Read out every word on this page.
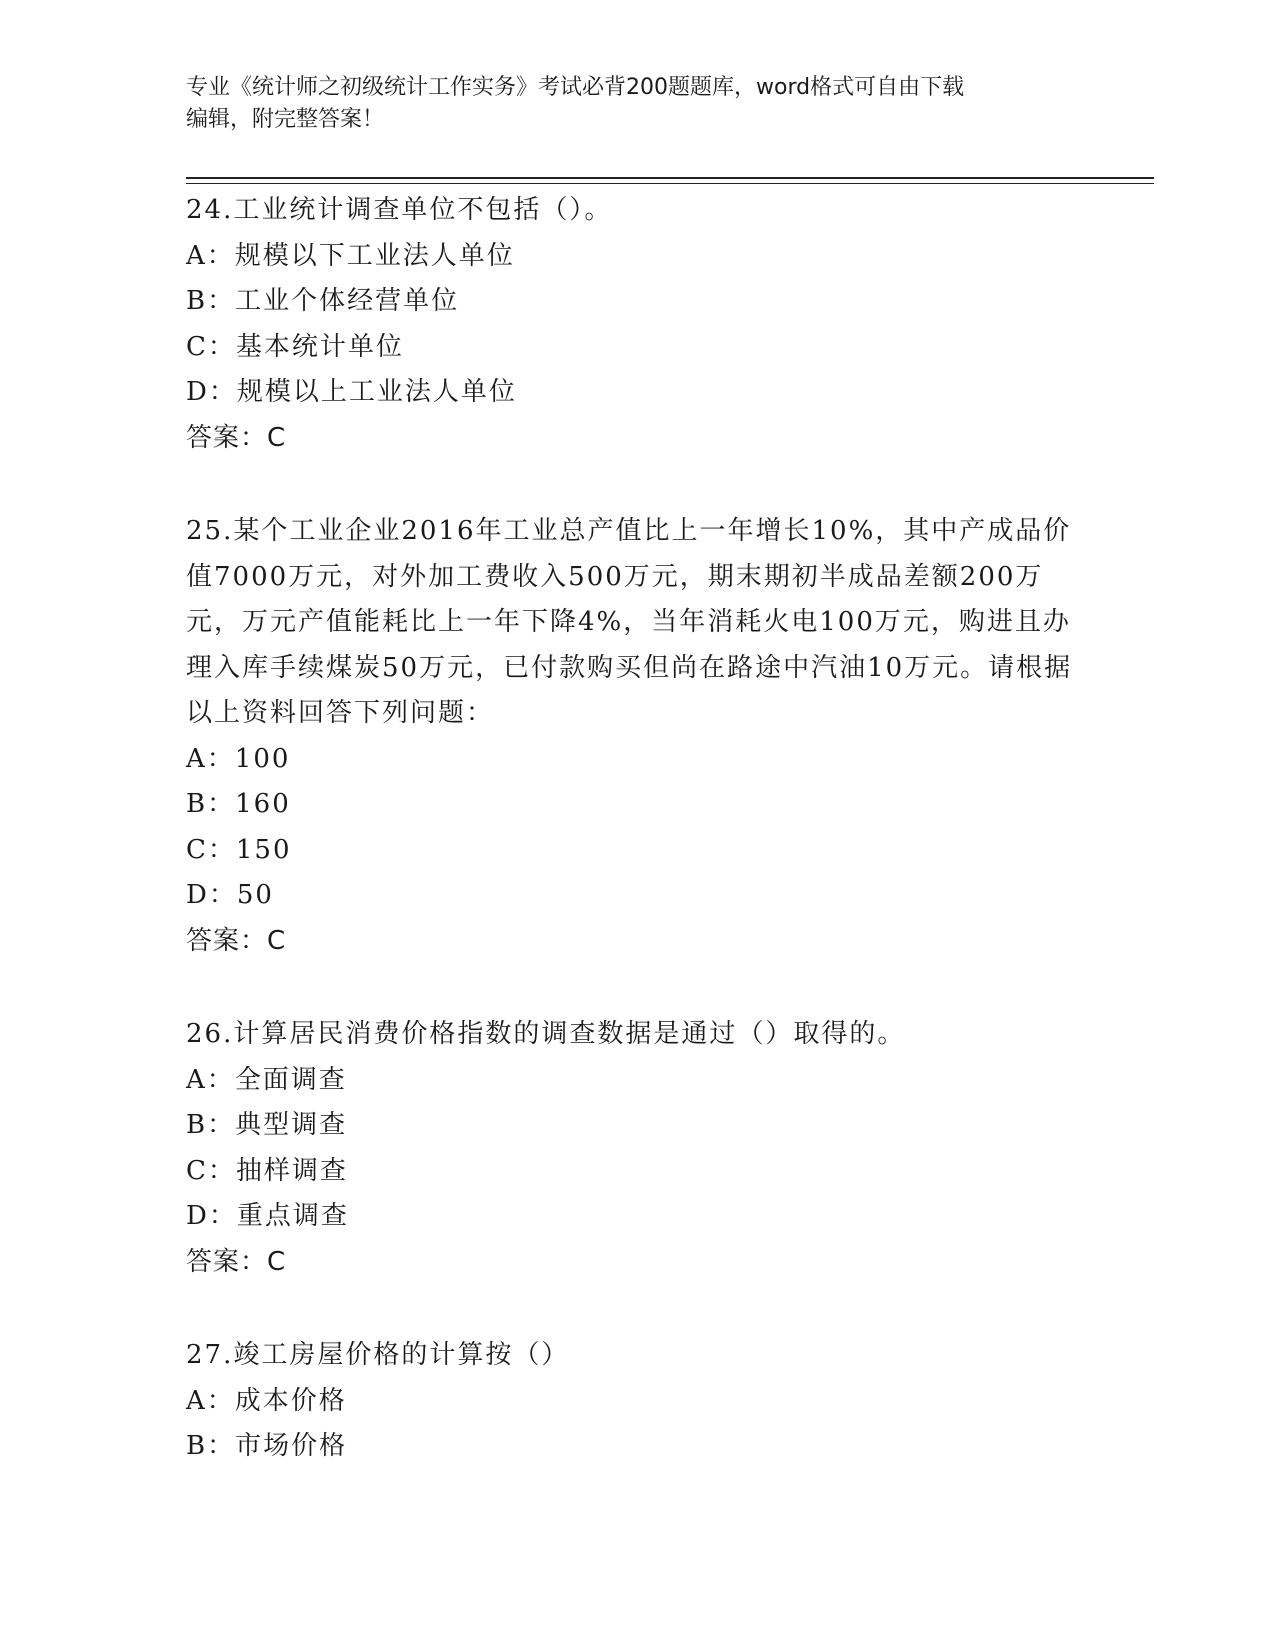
专业《统计师之初级统计工作实务》考试必背200题题库，word格式可自由下载
编辑，附完整答案！
24.工业统计调查单位不包括（）。
A：规模以下工业法人单位
B：工业个体经营单位
C：基本统计单位
D：规模以上工业法人单位
答案：C
25.某个工业企业2016年工业总产值比上一年增长10%，其中产成品价值7000万元，对外加工费收入500万元，期末期初半成品差额200万元，万元产值能耗比上一年下降4%，当年消耗火电100万元，购进且办理入库手续煤炭50万元，已付款购买但尚在路途中汽油10万元。请根据以上资料回答下列问题：
A：100
B：160
C：150
D：50
答案：C
26.计算居民消费价格指数的调查数据是通过（）取得的。
A：全面调查
B：典型调查
C：抽样调查
D：重点调查
答案：C
27.竣工房屋价格的计算按（）
A：成本价格
B：市场价格
